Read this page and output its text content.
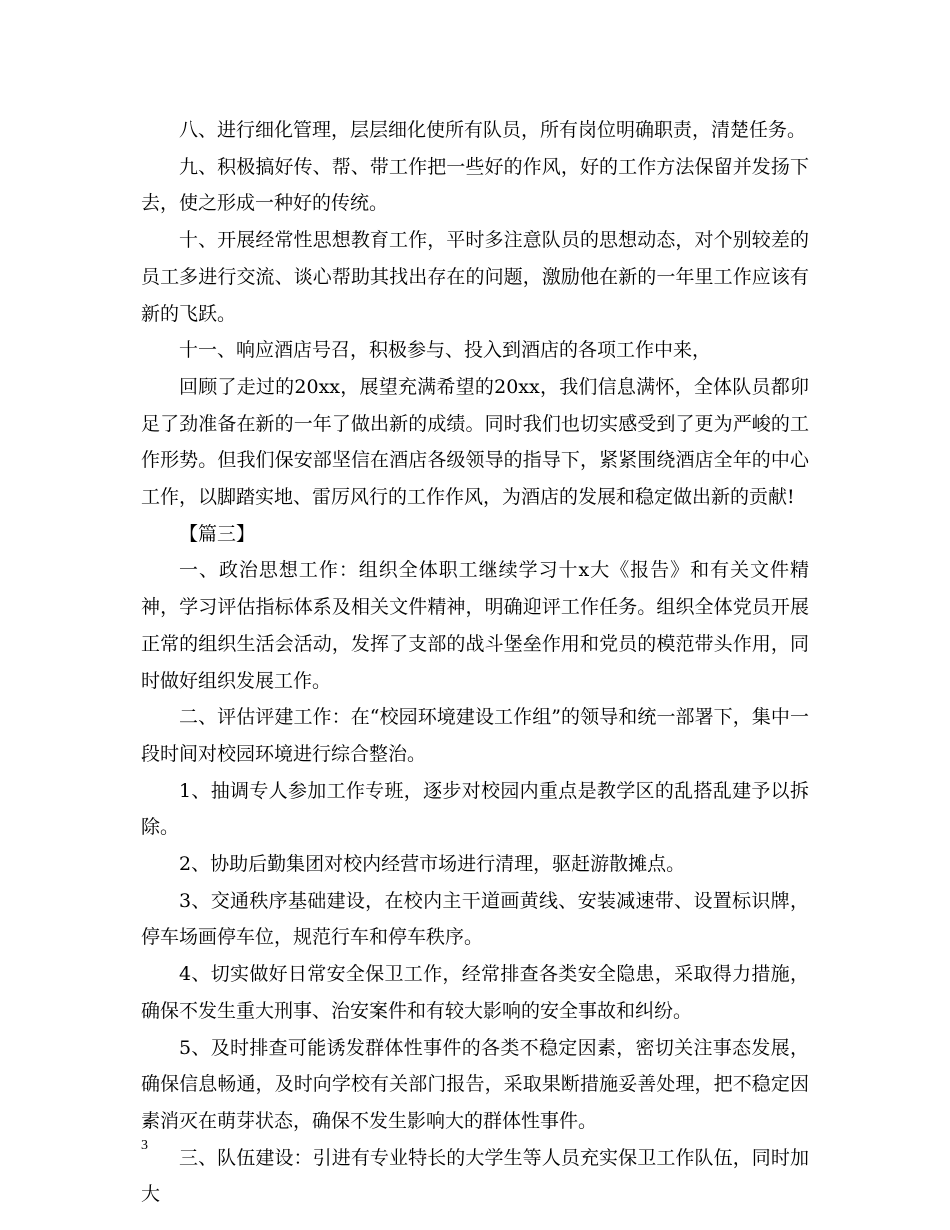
八、进行细化管理，层层细化使所有队员，所有岗位明确职责，清楚任务。

九、积极搞好传、帮、带工作把一些好的作风，好的工作方法保留并发扬下去，使之形成一种好的传统。

十、开展经常性思想教育工作，平时多注意队员的思想动态，对个别较差的员工多进行交流、谈心帮助其找出存在的问题，激励他在新的一年里工作应该有新的飞跃。

十一、响应酒店号召，积极参与、投入到酒店的各项工作中来，

回顾了走过的20xx，展望充满希望的20xx，我们信息满怀，全体队员都卯足了劲准备在新的一年了做出新的成绩。同时我们也切实感受到了更为严峻的工作形势。但我们保安部坚信在酒店各级领导的指导下，紧紧围绕酒店全年的中心工作，以脚踏实地、雷厉风行的工作作风，为酒店的发展和稳定做出新的贡献!

【篇三】

一、政治思想工作：组织全体职工继续学习十x大《报告》和有关文件精神，学习评估指标体系及相关文件精神，明确迎评工作任务。组织全体党员开展正常的组织生活会活动，发挥了支部的战斗堡垒作用和党员的模范带头作用，同时做好组织发展工作。

二、评估评建工作：在“校园环境建设工作组”的领导和统一部署下，集中一段时间对校园环境进行综合整治。

1、抽调专人参加工作专班，逐步对校园内重点是教学区的乱搭乱建予以拆除。

2、协助后勤集团对校内经营市场进行清理，驱赶游散摊点。

3、交通秩序基础建设，在校内主干道画黄线、安装减速带、设置标识牌，停车场画停车位，规范行车和停车秩序。

4、切实做好日常安全保卫工作，经常排查各类安全隐患，采取得力措施，确保不发生重大刑事、治安案件和有较大影响的安全事故和纠纷。

5、及时排查可能诱发群体性事件的各类不稳定因素，密切关注事态发展，确保信息畅通，及时向学校有关部门报告，采取果断措施妥善处理，把不稳定因素消灭在萌芽状态，确保不发生影响大的群体性事件。

三、队伍建设：引进有专业特长的大学生等人员充实保卫工作队伍，同时加大

3
